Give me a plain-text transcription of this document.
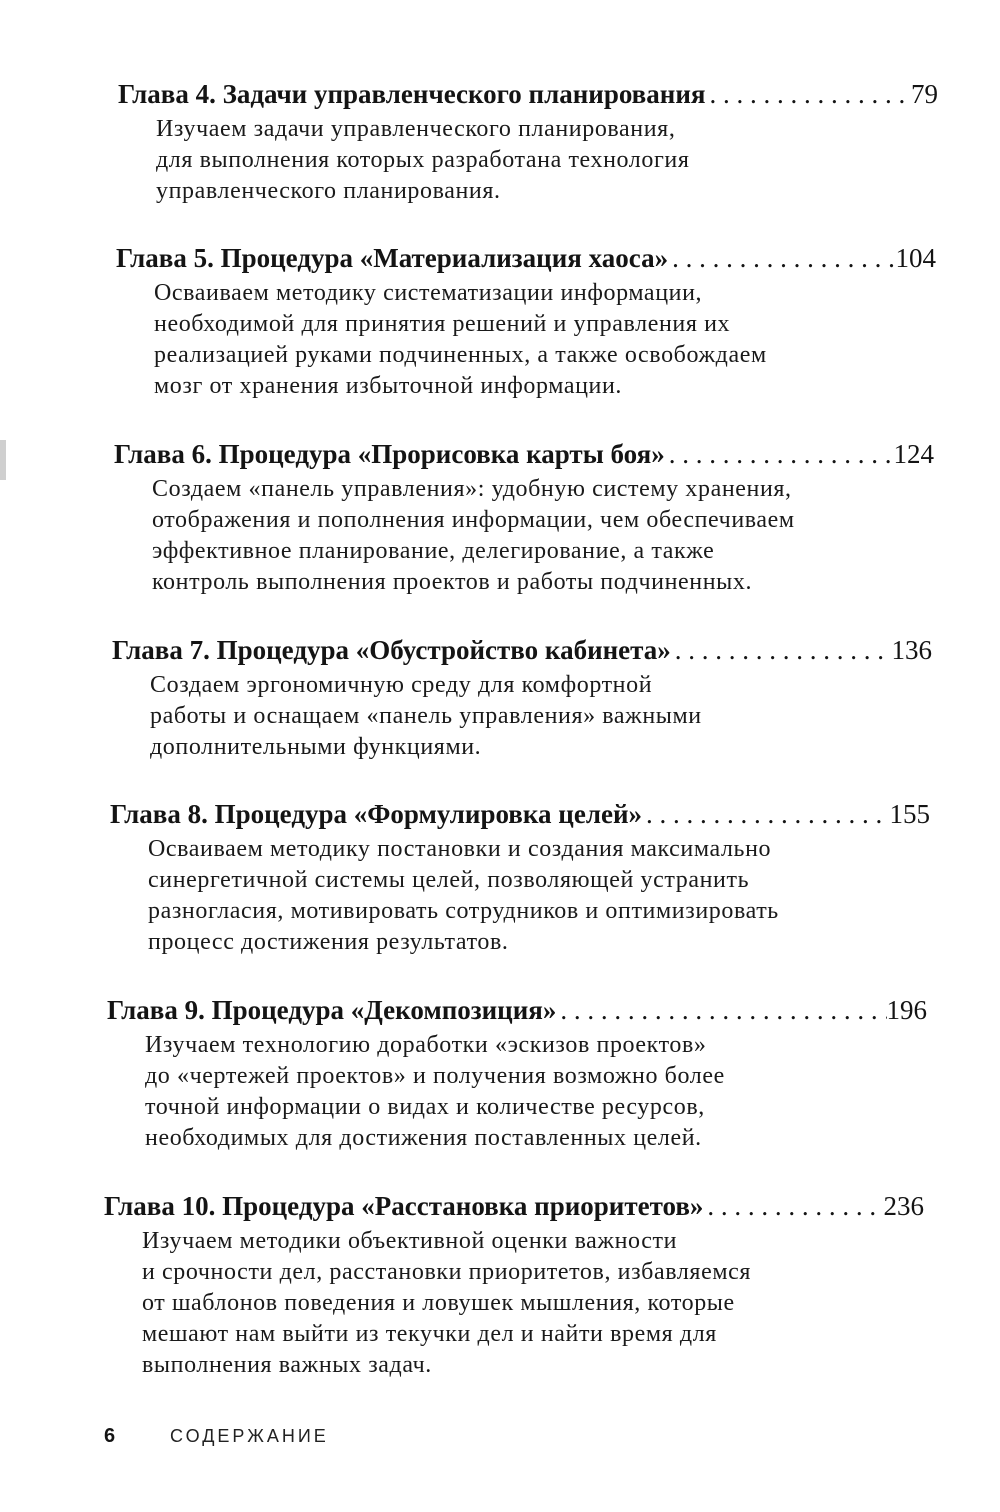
Глава 4. Задачи управленческого планирования . . .	79
Изучаем задачи управленческого планирования,
для выполнения которых разработана технология
управленческого планирования.
Глава 5. Процедура «Материализация хаоса» . . .	104
Осваиваем методику систематизации информации,
необходимой для принятия решений и управления их
реализацией руками подчиненных, а также освобождаем
мозг от хранения избыточной информации.
Глава 6. Процедура «Прорисовка карты боя» . . .	124
Создаем «панель управления»: удобную систему хранения,
отображения и пополнения информации, чем обеспечиваем
эффективное планирование, делегирование, а также
контроль выполнения проектов и работы подчиненных.
Глава 7. Процедура «Обустройство кабинета» . . .	136
Создаем эргономичную среду для комфортной
работы и оснащаем «панель управления» важными
дополнительными функциями.
Глава 8. Процедура «Формулировка целей» . . .	155
Осваиваем методику постановки и создания максимально
синергетичной системы целей, позволяющей устранить
разногласия, мотивировать сотрудников и оптимизировать
процесс достижения результатов.
Глава 9. Процедура «Декомпозиция» . . .	196
Изучаем технологию доработки «эскизов проектов»
до «чертежей проектов» и получения возможно более
точной информации о видах и количестве ресурсов,
необходимых для достижения поставленных целей.
Глава 10. Процедура «Расстановка приоритетов» . . .	236
Изучаем методики объективной оценки важности
и срочности дел, расстановки приоритетов, избавляемся
от шаблонов поведения и ловушек мышления, которые
мешают нам выйти из текучки дел и найти время для
выполнения важных задач.
6	СОДЕРЖАНИЕ
